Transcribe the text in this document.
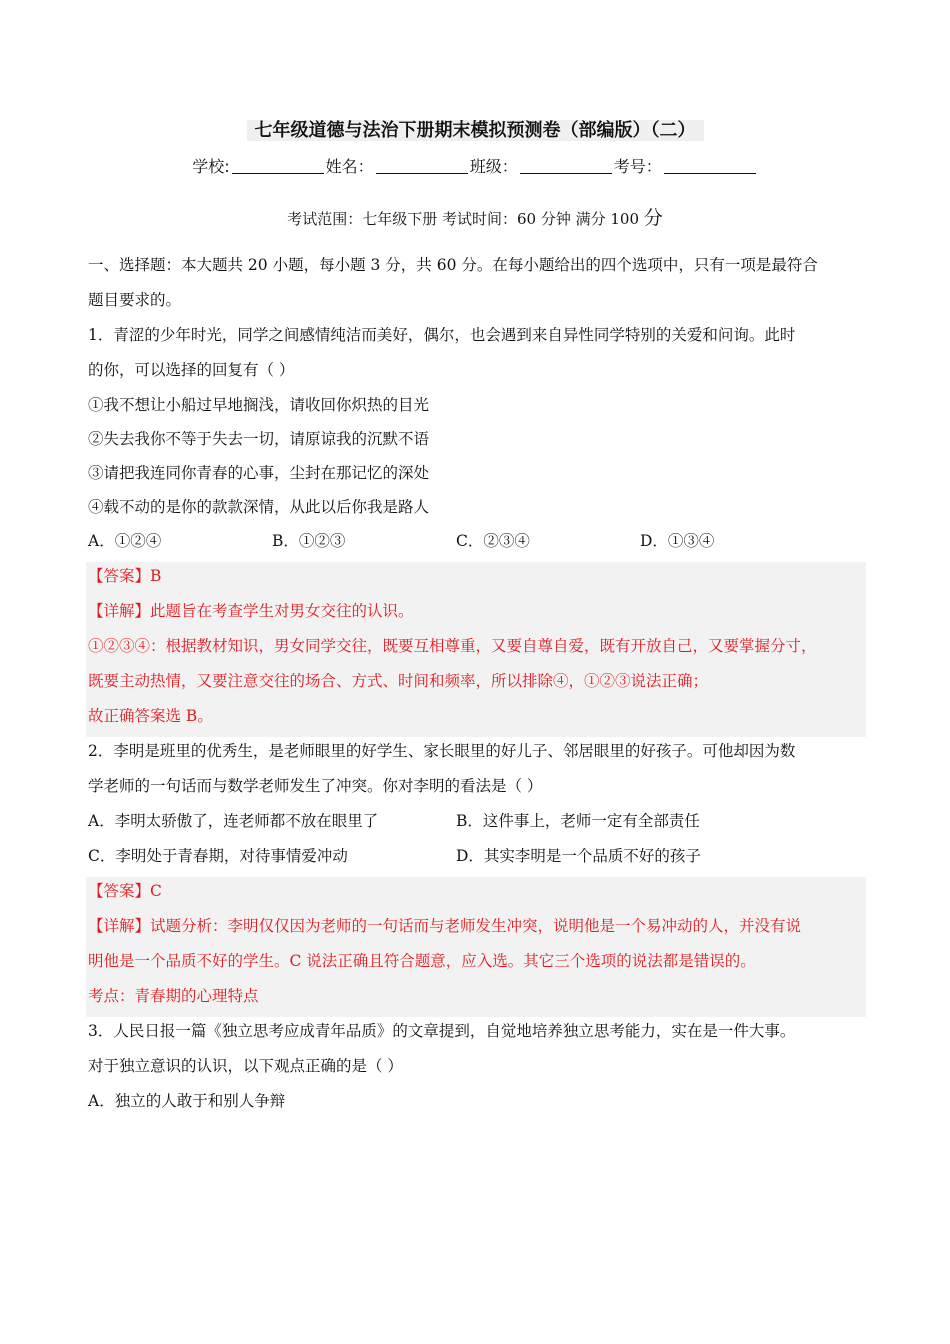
七年级道德与法治下册期末模拟预测卷（部编版）（二）
学校:	姓名：	班级：	考号：
考试范围：七年级下册 考试时间：60 分钟 满分 100 分
一、选择题：本大题共 20 小题，每小题 3 分，共 60 分。在每小题给出的四个选项中，只有一项是最符合
题目要求的。
1．青涩的少年时光，同学之间感情纯洁而美好，偶尔，也会遇到来自异性同学特别的关爱和问询。此时
的你，可以选择的回复有（ ）
①我不想让小船过早地搁浅，请收回你炽热的目光
②失去我你不等于失去一切，请原谅我的沉默不语
③请把我连同你青春的心事，尘封在那记忆的深处
④载不动的是你的款款深情，从此以后你我是路人
A．①②④	B．①②③	C．②③④	D．①③④
【答案】B
【详解】此题旨在考查学生对男女交往的认识。
①②③④：根据教材知识，男女同学交往，既要互相尊重，又要自尊自爱，既有开放自己，又要掌握分寸，
既要主动热情，又要注意交往的场合、方式、时间和频率，所以排除④，①②③说法正确；
故正确答案选 B。
2．李明是班里的优秀生，是老师眼里的好学生、家长眼里的好儿子、邻居眼里的好孩子。可他却因为数
学老师的一句话而与数学老师发生了冲突。你对李明的看法是（ ）
A．李明太骄傲了，连老师都不放在眼里了	B．这件事上，老师一定有全部责任
C．李明处于青春期，对待事情爱冲动	D．其实李明是一个品质不好的孩子
【答案】C
【详解】试题分析：李明仅仅因为老师的一句话而与老师发生冲突，说明他是一个易冲动的人，并没有说
明他是一个品质不好的学生。C 说法正确且符合题意，应入选。其它三个选项的说法都是错误的。
考点：青春期的心理特点
3．人民日报一篇《独立思考应成青年品质》的文章提到，自觉地培养独立思考能力，实在是一件大事。
对于独立意识的认识，以下观点正确的是（ ）
A．独立的人敢于和别人争辩
